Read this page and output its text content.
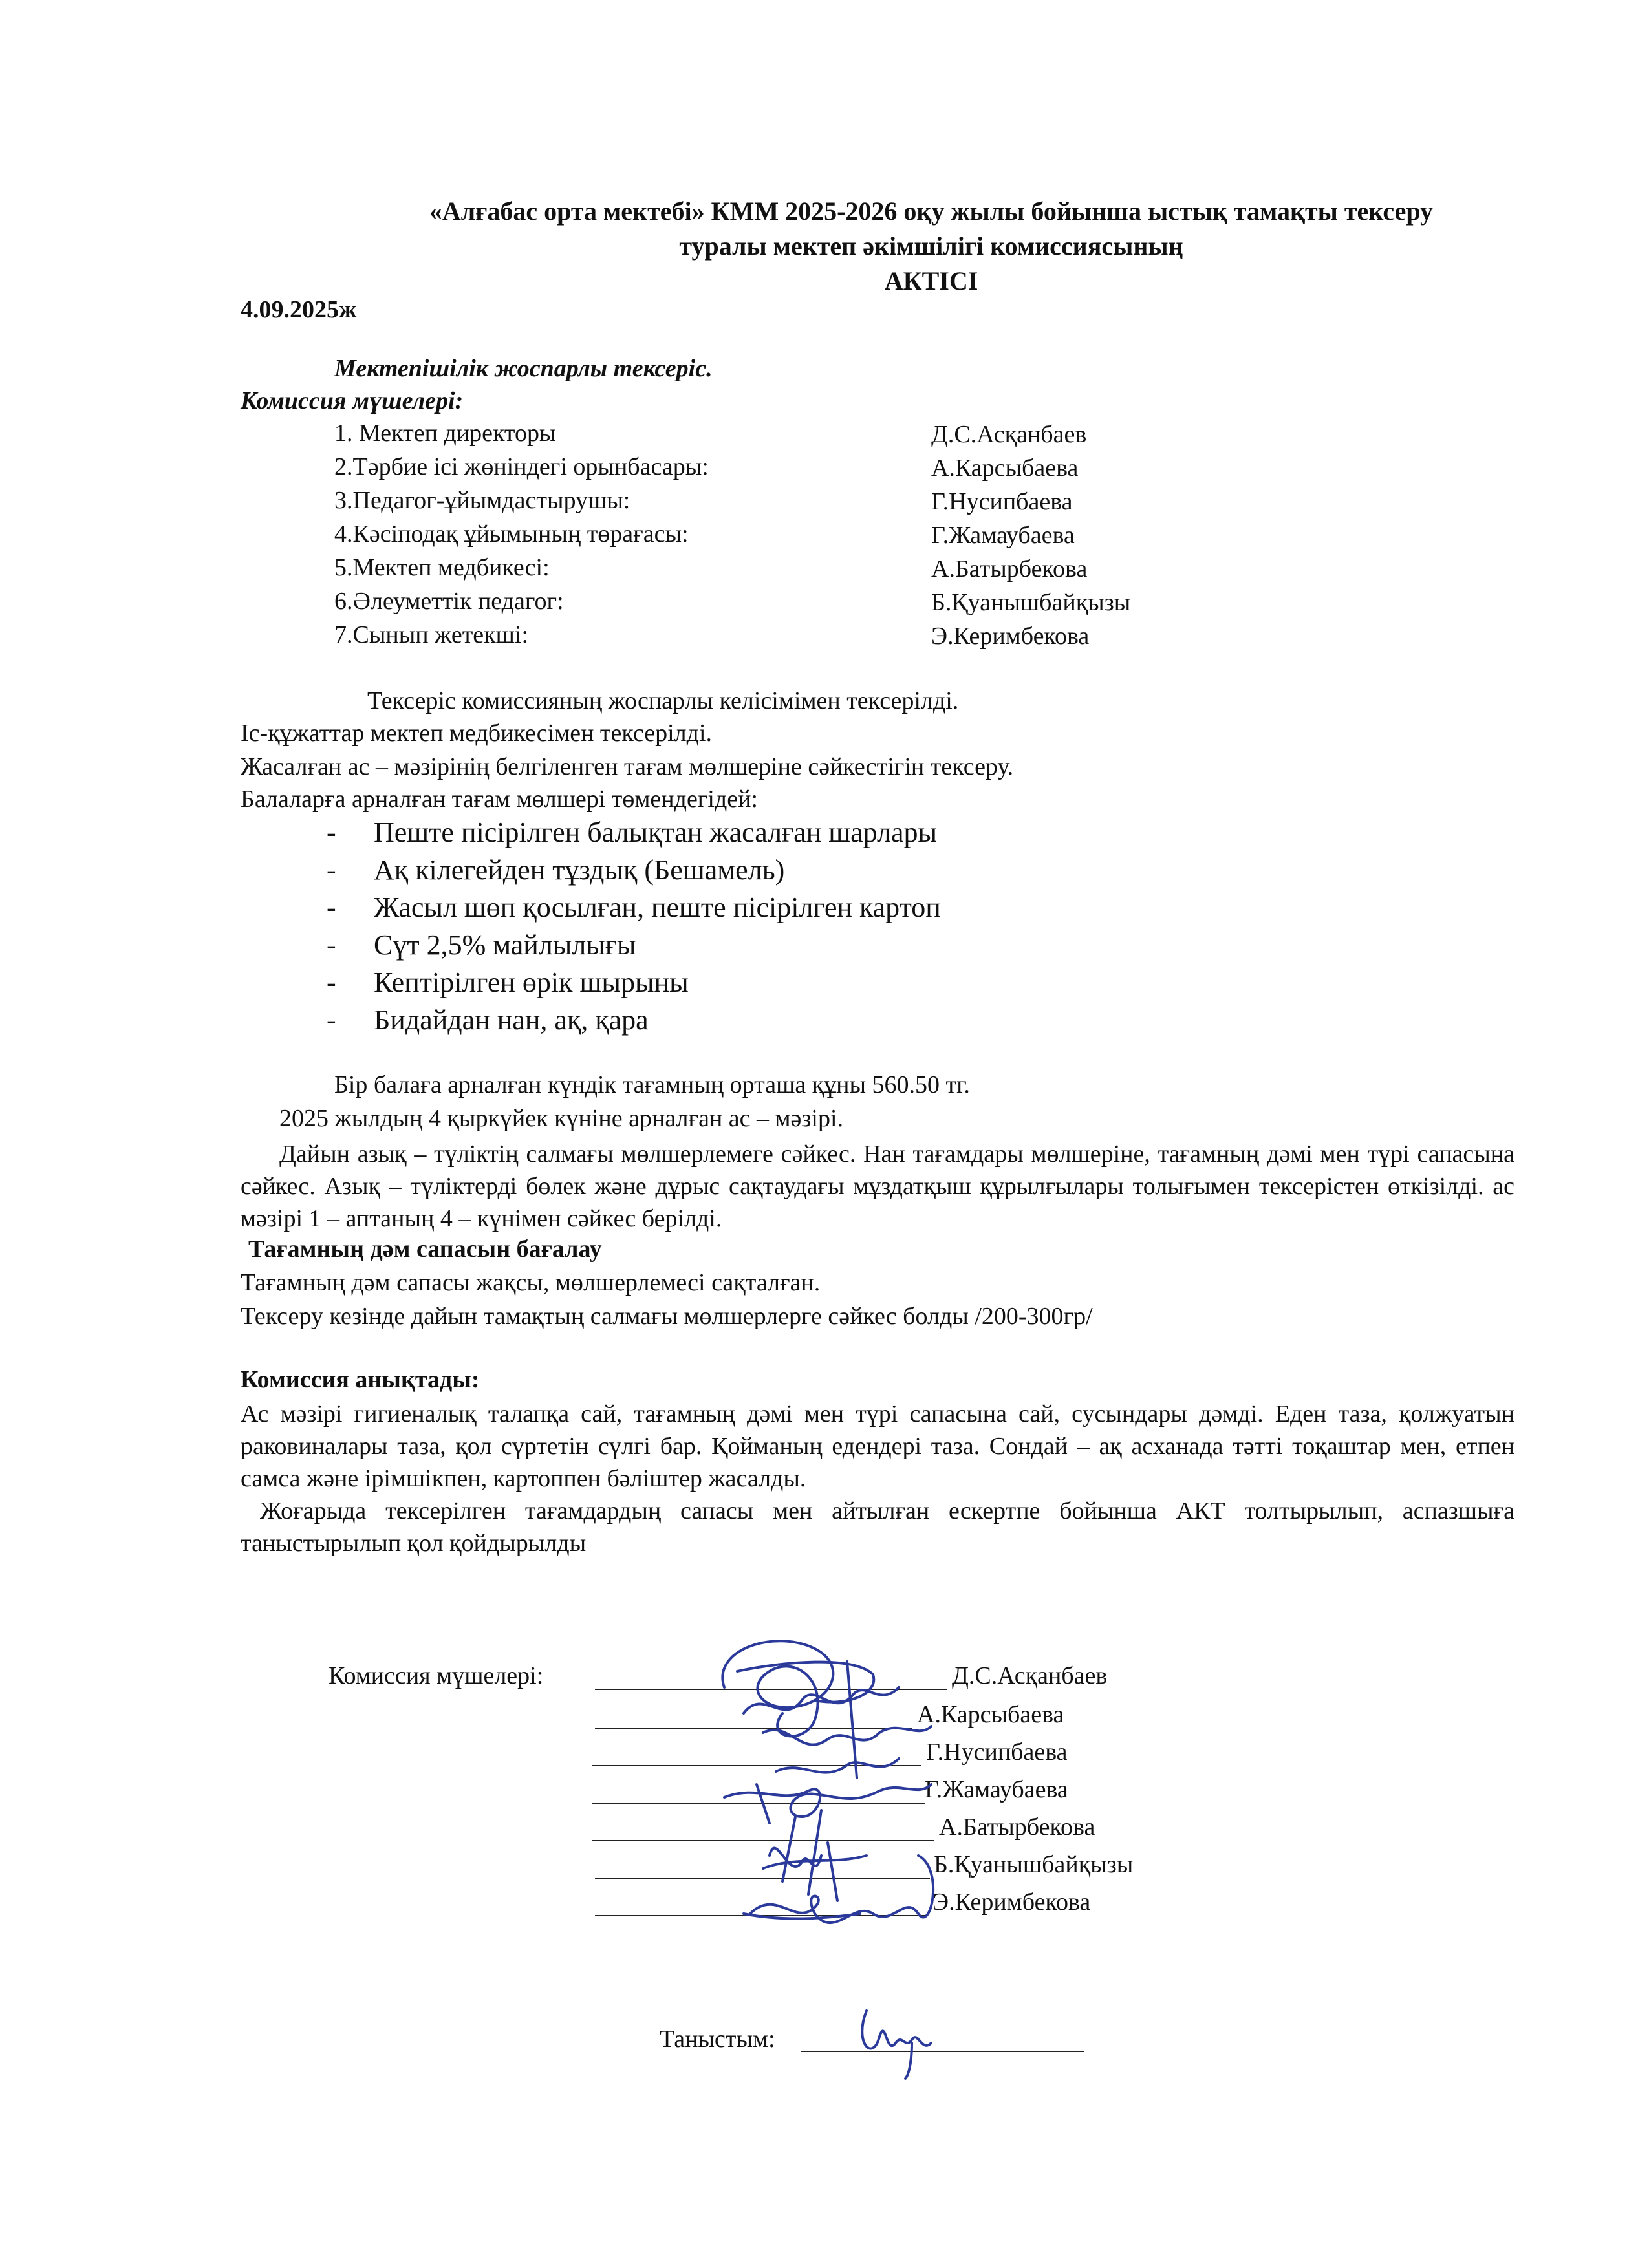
«Алғабас орта мектебі» КММ 2025-2026 оқу жылы бойынша ыстық тамақты тексеру
туралы мектеп әкімшілігі комиссиясының
АКТІСІ
4.09.2025ж
Мектепішілік жоспарлы тексеріс.
Комиссия мүшелері:
1. Мектеп директоры	Д.С.Асқанбаев
2.Тәрбие ісі жөніндегі орынбасары:	А.Карсыбаева
3.Педагог-ұйымдастырушы:	Г.Нусипбаева
4.Кәсіподақ ұйымының төрағасы:	Г.Жамаубаева
5.Мектеп медбикесі:	А.Батырбекова
6.Әлеуметтік педагог:	Б.Қуанышбайқызы
7.Сынып жетекші:	Э.Керимбекова
Тексеріс комиссияның жоспарлы келісімімен тексерілді.
Іс-құжаттар мектеп медбикесімен тексерілді.
Жасалған ас – мәзірінің белгіленген тағам мөлшеріне сәйкестігін тексеру.
Балаларға арналған тағам мөлшері төмендегідей:
- Пеште пісірілген балықтан жасалған шарлары
- Ақ кілегейден тұздық (Бешамель)
- Жасыл шөп қосылған, пеште пісірілген картоп
- Сүт 2,5% майлылығы
- Кептірілген өрік шырыны
- Бидайдан нан, ақ, қара
Бір балаға арналған күндік тағамның орташа құны 560.50 тг.
2025 жылдың 4 қыркүйек күніне арналған ас – мәзірі.
Дайын азық – түліктің салмағы мөлшерлемеге сәйкес. Нан тағамдары мөлшеріне, тағамның дәмі мен түрі сапасына сәйкес. Азық – түліктерді бөлек және дұрыс сақтаудағы мұздатқыш құрылғылары толығымен тексерістен өткізілді. ас мәзірі 1 – аптаның 4 – күнімен сәйкес берілді.
Тағамның дәм сапасын бағалау
Тағамның дәм сапасы жақсы, мөлшерлемесі сақталған.
Тексеру кезінде дайын тамақтың салмағы мөлшерлерге сәйкес болды /200-300гр/
Комиссия анықтады:
Ас мәзірі гигиеналық талапқа сай, тағамның дәмі мен түрі сапасына сай, сусындары дәмді. Еден таза, қолжуатын раковиналары таза, қол сүртетін сүлгі бар. Қойманың едендері таза. Сондай – ақ асханада тәтті тоқаштар мен, етпен самса және ірімшікпен, картоппен бәліштер жасалды.
Жоғарыда тексерілген тағамдардың сапасы мен айтылған ескертпе бойынша АКТ толтырылып, аспазшыға таныстырылып қол қойдырылды
Комиссия мүшелері:	Д.С.Асқанбаев
А.Карсыбаева
Г.Нусипбаева
Г.Жамаубаева
А.Батырбекова
Б.Қуанышбайқызы
Э.Керимбекова
Таныстым:
